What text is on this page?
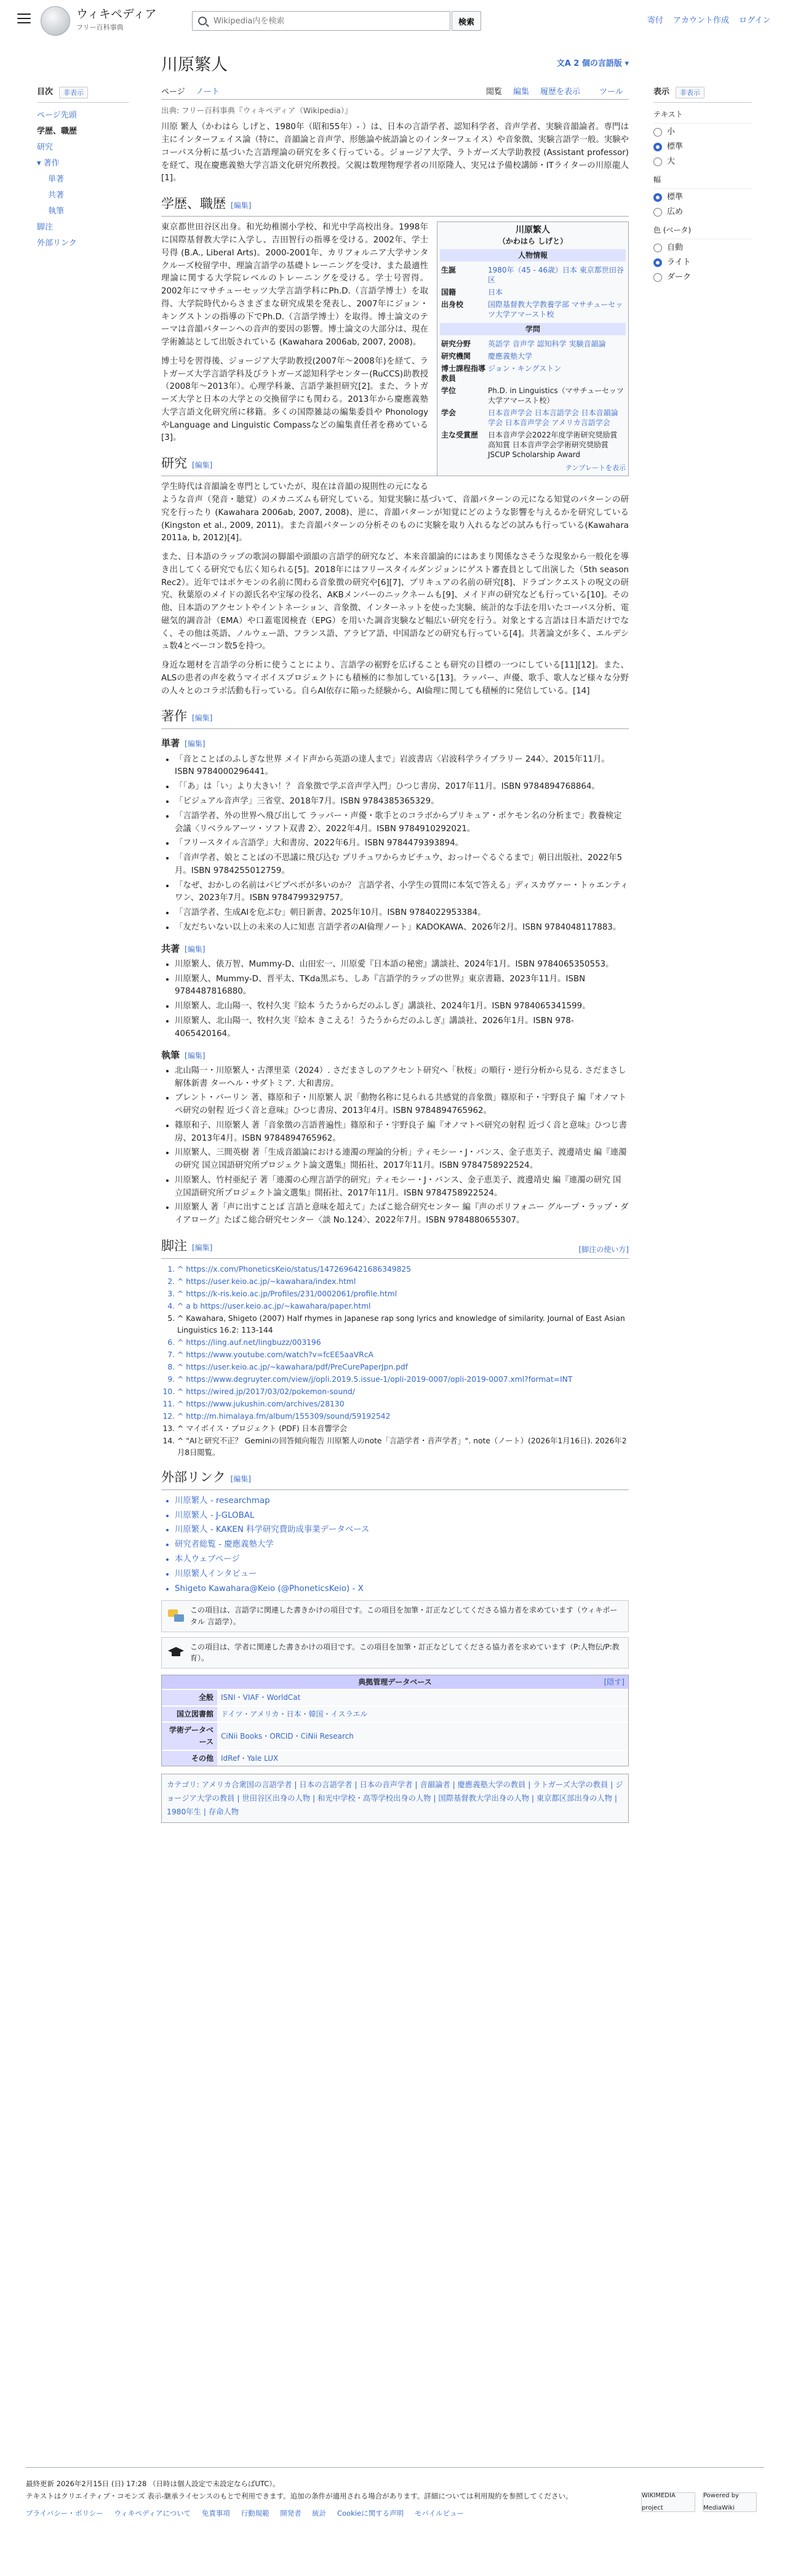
ウィキペディア
フリー百科事典
Wikipedia内を検索
検索	寄付 アカウント作成 ログイン
目次	非表示
ページ先頭
学歴、職歴
研究
▾ 著作
単著
共著
執筆
脚注
外部リンク
川原繁人	文A 2 個の言語版 ▾
ページ ノート	閲覧 編集 履歴を表示 ツール
出典: フリー百科事典『ウィキペディア（Wikipedia）』

川原 繁人（かわはら しげと、1980年（昭和55年）- ）は、日本の言語学者、認知科学者、音声学者、実験音韻論者。専門は主にインターフェイス論（特に、音韻論と音声学、形態論や統語論とのインターフェイス）や音象徴、実験言語学一般。実験やコーパス分析に基づいた言語理論の研究を多く行っている。ジョージア大学、ラトガーズ大学助教授 (Assistant professor) を経て、現在慶應義塾大学言語文化研究所教授。父親は数理物理学者の川原隆人、実兄は予備校講師・ITライターの川原龍人 [1]。

学歴、職歴 [編集]
川原繁人
（かわはら しげと）
人物情報
生誕	1980年（45 - 46歳）日本 東京都世田谷区
国籍	日本
出身校	国際基督教大学教養学部 マサチューセッツ大学アマースト校
学問
研究分野	英語学 音声学 認知科学 実験音韻論
研究機関	慶應義塾大学
博士課程指導教員	ジョン・キングストン
学位	Ph.D. in Linguistics（マサチューセッツ大学アマースト校）
学会	日本音声学会 日本言語学会 日本音韻論学会 日本音声学会 アメリカ言語学会
主な受賞歴	日本音声学会2022年度学術研究奨励賞 高知賞 日本音声学会学術研究奨励賞 JSCUP Scholarship Award
テンプレートを表示

東京都世田谷区出身。和光幼稚園小学校、和光中学高校出身。1998年に国際基督教大学に入学し、吉田智行の指導を受ける。2002年、学士号得 (B.A., Liberal Arts)。2000-2001年、カリフォルニア大学サンタクルーズ校留学中、理論言語学の基礎トレーニングを受け、また最適性理論に関する大学院レベルのトレーニングを受ける。学士号習得。2002年にマサチューセッツ大学言語学科にPh.D.（言語学博士）を取得、大学院時代からさまざまな研究成果を発表し、2007年にジョン・キングストンの指導の下でPh.D.（言語学博士）を取得。博士論文のテーマは音韻パターンへの音声的要因の影響。博士論文の大部分は、現在学術雑誌として出版されている (Kawahara 2006ab, 2007, 2008)。

博士号を習得後、ジョージア大学助教授(2007年〜2008年)を経て、ラトガーズ大学言語学科及びラトガーズ認知科学センター(RuCCS)助教授（2008年〜2013年）。心理学科兼、言語学兼担研究[2]。また、ラトガーズ大学と日本の大学との交換留学にも関わる。2013年から慶應義塾大学言語文化研究所に移籍。多くの国際雑誌の編集委員や PhonologyやLanguage and Linguistic Compassなどの編集責任者を務めている[3]。

研究 [編集]

学生時代は音韻論を専門としていたが、現在は音韻の規則性の元になるような音声（発音・聴覚）のメカニズムも研究している。知覚実験に基づいて、音韻パターンの元になる知覚のパターンの研究を行ったり (Kawahara 2006ab, 2007, 2008)、逆に、音韻パターンが知覚にどのような影響を与えるかを研究している (Kingston et al., 2009, 2011)。また音韻パターンの分析そのものに実験を取り入れるなどの試みも行っている(Kawahara 2011a, b, 2012)[4]。

また、日本語のラップの歌詞の脚韻や頭韻の言語学的研究など、本来音韻論的にはあまり関係なさそうな現象から一般化を導き出してくる研究でも広く知られる[5]。2018年にはフリースタイルダンジョンにゲスト審査員として出演した（5th season Rec2）。近年ではポケモンの名前に関わる音象徴の研究や[6][7]、プリキュアの名前の研究[8]、ドラゴンクエストの呪文の研究、秋葉原のメイドの源氏名や宝塚の役名、AKBメンバーのニックネームも[9]、メイド声の研究なども行っている[10]。その他、日本語のアクセントやイントネーション、音象徴、インターネットを使った実験、統計的な手法を用いたコーパス分析、電磁気的調音計（EMA）や口蓋電図検査（EPG）を用いた調音実験など幅広い研究を行う。対象とする言語は日本語だけでなく、その他は英語、ノルウェー語、フランス語、アラビア語、中国語などの研究も行っている[4]。共著論文が多く、エルデシュ数4とベーコン数5を持つ。

身近な題材を言語学の分析に使うことにより、言語学の裾野を広げることも研究の目標の一つにしている[11][12]。また、ALSの患者の声を救うマイボイスプロジェクトにも積極的に参加している[13]。ラッパー、声優、歌手、歌人など様々な分野の人々とのコラボ活動も行っている。自らAI依存に陥った経験から、AI倫理に関しても積極的に発信している。[14]

著作 [編集]
単著 [編集]
• 「音とことばのふしぎな世界 メイド声から英語の達人まで」岩波書店〈岩波科学ライブラリー 244〉、2015年11月。ISBN 9784000296441。
• 「「あ」は「い」より大きい！？ 音象徴で学ぶ音声学入門」ひつじ書房、2017年11月。ISBN 9784894768864。
• 「ビジュアル音声学」三省堂、2018年7月。ISBN 9784385365329。
• 「言語学者、外の世界へ飛び出して ラッパー・声優・歌手とのコラボからプリキュア・ポケモン名の分析まで」教養検定会議〈リベラルアーツ・ソフト双書 2〉、2022年4月。ISBN 9784910292021。
• 「フリースタイル言語学」大和書房、2022年6月。ISBN 9784479393894。
• 「音声学者、娘とことばの不思議に飛び込む プリチュワからカピチュウ、おっけーぐるぐるまで」朝日出版社、2022年5月。ISBN 9784255012759。
• 「なぜ、おかしの名前はパピプペポが多いのか？ 言語学者、小学生の質問に本気で答える」ディスカヴァー・トゥエンティワン、2023年7月。ISBN 9784799329757。
• 「言語学者、生成AIを危ぶむ」朝日新書、2025年10月。ISBN 9784022953384。
• 「友だちいない以上の未来の人に知恵 言語学者のAI倫理ノート」KADOKAWA、2026年2月。ISBN 9784048117883。
共著 [編集]
• 川原繁人、俵万智、Mummy-D、山田宏一、川原愛『日本語の秘密』講談社、2024年1月。ISBN 9784065350553。
• 川原繁人、Mummy-D、晋平太、TKda黒ぶち、しあ『言語学的ラップの世界』東京書籍、2023年11月。ISBN 9784487816880。
• 川原繁人、北山陽一、牧村久実『絵本 うたうからだのふしぎ』講談社、2024年1月。ISBN 9784065341599。
• 川原繁人、北山陽一、牧村久実『絵本 きこえる！うたうからだのふしぎ』講談社、2026年1月。ISBN 978-4065420164。
執筆 [編集]
• 北山陽一・川原繁人・古澤里菜（2024）. さだまさしのアクセント研究へ「秋桜」の順行・逆行分析から見る. さだまさし解体新書 ターヘル・サダトミア. 大和書房。
• ブレント・バーリン 著、篠原和子・川原繁人 訳「動物名称に見られる共感覚的音象徴」篠原和子・宇野良子 編『オノマトペ研究の射程 近づく音と意味』ひつじ書房、2013年4月。ISBN 9784894765962。
• 篠原和子、川原繁人 著「音象徴の言語普遍性」篠原和子・宇野良子 編『オノマトペ研究の射程 近づく音と意味』ひつじ書房、2013年4月。ISBN 9784894765962。
• 川原繁人、三間英樹 著「生成音韻論における連濁の理論的分析」ティモシー・J・バンス、金子恵美子、渡邊靖史 編『連濁の研究 国立国語研究所プロジェクト論文選集』開拓社、2017年11月。ISBN 9784758922524。
• 川原繁人、竹村亜紀子 著「連濁の心理言語学的研究」ティモシー・J・バンス、金子恵美子、渡邊靖史 編『連濁の研究 国立国語研究所プロジェクト論文選集』開拓社、2017年11月。ISBN 9784758922524。
• 川原繁人 著「声に出すことば 言語と意味を超えて」たばこ総合研究センター 編『声のポリフォニー グループ・ラップ・ダイアローグ』たばこ総合研究センター〈談 No.124〉、2022年7月。ISBN 9784880655307。
脚注 [編集]	[脚注の使い方]
1. ^ https://x.com/PhoneticsKeio/status/1472696421686349825
2. ^ https://user.keio.ac.jp/~kawahara/index.html
3. ^ https://k-ris.keio.ac.jp/Profiles/231/0002061/profile.html
4. ^ a b https://user.keio.ac.jp/~kawahara/paper.html
5. ^ Kawahara, Shigeto (2007) Half rhymes in Japanese rap song lyrics and knowledge of similarity. Journal of East Asian Linguistics 16.2: 113-144
6. ^ https://ling.auf.net/lingbuzz/003196
7. ^ https://www.youtube.com/watch?v=fcEE5aaVRcA
8. ^ https://user.keio.ac.jp/~kawahara/pdf/PreCurePaperJpn.pdf
9. ^ https://www.degruyter.com/view/j/opli.2019.5.issue-1/opli-2019-0007/opli-2019-0007.xml?format=INT
10. ^ https://wired.jp/2017/03/02/pokemon-sound/
11. ^ https://www.jukushin.com/archives/28130
12. ^ http://m.himalaya.fm/album/155309/sound/59192542
13. ^ マイボイス・プロジェクト (PDF) 日本音響学会
14. ^ "AIと研究不正？ Geminiの回答傾向報告 川原繁人のnote「言語学者・音声学者」". note（ノート）(2026年1月16日). 2026年2月8日閲覧。
外部リンク [編集]
• 川原繁人 - researchmap
• 川原繁人 - J-GLOBAL
• 川原繁人 - KAKEN 科学研究費助成事業データベース
• 研究者総覧 - 慶應義塾大学
• 本人ウェブページ
• 川原繁人インタビュー
• Shigeto Kawahara@Keio (@PhoneticsKeio) - X
この項目は、言語学に関連した書きかけの項目です。この項目を加筆・訂正などしてくださる協力者を求めています（ウィキポータル 言語学）。
この項目は、学者に関連した書きかけの項目です。この項目を加筆・訂正などしてくださる協力者を求めています（P:人物伝/P:教育）。
典拠管理データベース	[隠す]
全般	ISNI・VIAF・WorldCat
国立図書館	ドイツ・アメリカ・日本・韓国・イスラエル
学術データベース	CiNii Books・ORCID・CiNii Research
その他	IdRef・Yale LUX
カテゴリ: アメリカ合衆国の言語学者 | 日本の言語学者 | 日本の音声学者 | 音韻論者 | 慶應義塾大学の教員 | ラトガーズ大学の教員 | ジョージア大学の教員 | 世田谷区出身の人物 | 和光中学校・高等学校出身の人物 | 国際基督教大学出身の人物 | 東京都区部出身の人物 | 1980年生 | 存命人物
表示	非表示
テキスト
小
標準
大
幅
標準
広め
色 (ベータ)
自動
ライト
ダーク
最終更新 2026年2月15日 (日) 17:28 （日時は個人設定で未設定ならばUTC）。
テキストはクリエイティブ・コモンズ 表示-継承ライセンスのもとで利用できます。追加の条件が適用される場合があります。詳細については利用規約を参照してください。
プライバシー・ポリシー ウィキペディアについて 免責事項 行動規範 開発者 統計 Cookieに関する声明 モバイルビュー
WIKIMEDIA project
Powered by MediaWiki
